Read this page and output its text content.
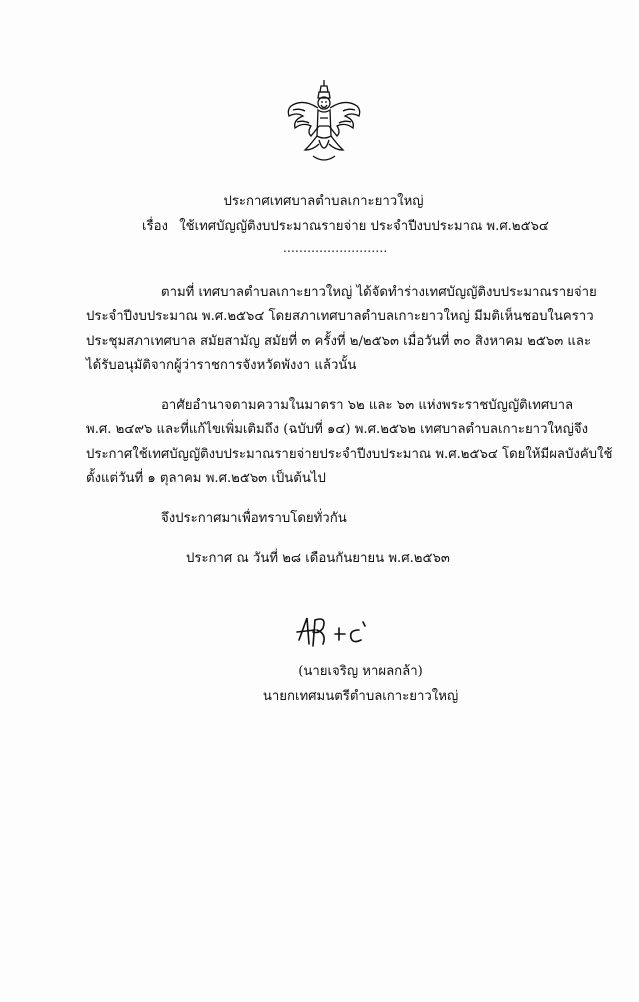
ประกาศเทศบาลตำบลเกาะยาวใหญ่
เรื่อง ใช้เทศบัญญัติงบประมาณรายจ่าย ประจำปีงบประมาณ พ.ศ.๒๕๖๔
..........................
ตามที่ เทศบาลตำบลเกาะยาวใหญ่ ได้จัดทำร่างเทศบัญญัติงบประมาณรายจ่าย
ประจำปีงบประมาณ พ.ศ.๒๕๖๔ โดยสภาเทศบาลตำบลเกาะยาวใหญ่ มีมติเห็นชอบในคราว
ประชุมสภาเทศบาล สมัยสามัญ สมัยที่ ๓ ครั้งที่ ๒/๒๕๖๓ เมื่อวันที่ ๓๐ สิงหาคม ๒๕๖๓ และ
ได้รับอนุมัติจากผู้ว่าราชการจังหวัดพังงา แล้วนั้น
อาศัยอำนาจตามความในมาตรา ๖๒ และ ๖๓ แห่งพระราชบัญญัติเทศบาล
พ.ศ. ๒๔๙๖ และที่แก้ไขเพิ่มเติมถึง (ฉบับที่ ๑๔) พ.ศ.๒๕๖๒ เทศบาลตำบลเกาะยาวใหญ่จึง
ประกาศใช้เทศบัญญัติงบประมาณรายจ่ายประจำปีงบประมาณ พ.ศ.๒๕๖๔ โดยให้มีผลบังคับใช้
ตั้งแต่วันที่ ๑ ตุลาคม พ.ศ.๒๕๖๓ เป็นต้นไป
จึงประกาศมาเพื่อทราบโดยทั่วกัน
ประกาศ ณ วันที่ ๒๘ เดือนกันยายน พ.ศ.๒๕๖๓
(นายเจริญ หาผลกล้า)
นายกเทศมนตรีตำบลเกาะยาวใหญ่
